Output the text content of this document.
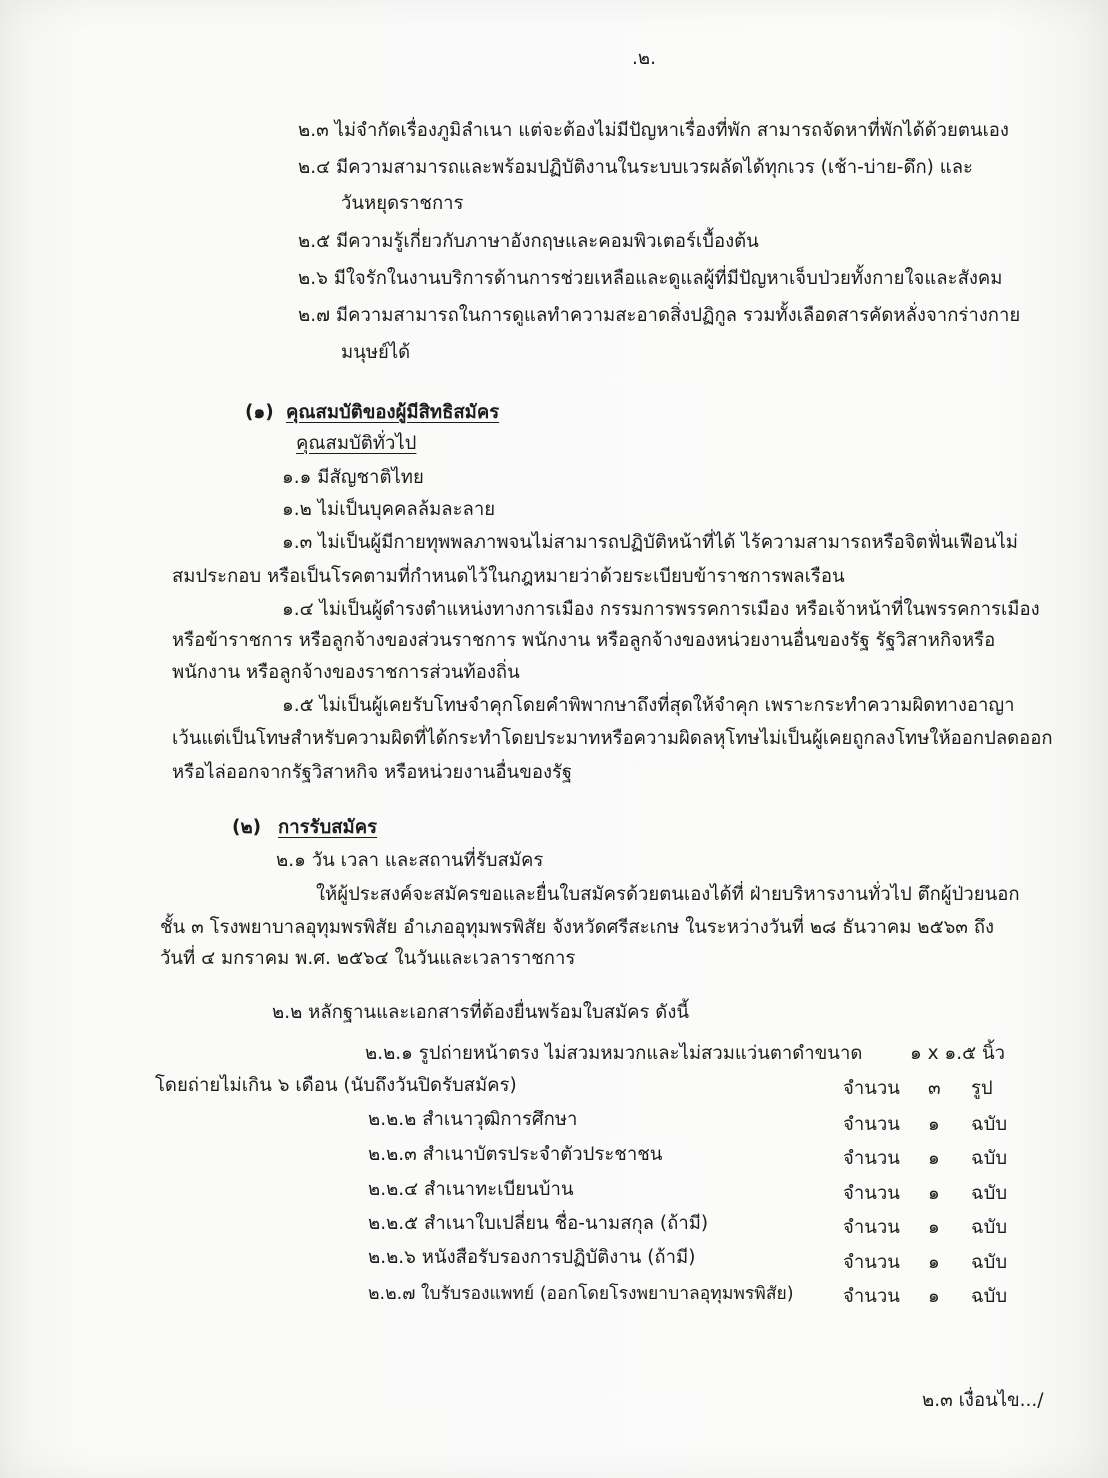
.๒.
๒.๓ ไม่จำกัดเรื่องภูมิลำเนา แต่จะต้องไม่มีปัญหาเรื่องที่พัก สามารถจัดหาที่พักได้ด้วยตนเอง
๒.๔ มีความสามารถและพร้อมปฏิบัติงานในระบบเวรผลัดได้ทุกเวร (เช้า-บ่าย-ดึก) และ
วันหยุดราชการ
๒.๕ มีความรู้เกี่ยวกับภาษาอังกฤษและคอมพิวเตอร์เบื้องต้น
๒.๖ มีใจรักในงานบริการด้านการช่วยเหลือและดูแลผู้ที่มีปัญหาเจ็บป่วยทั้งกายใจและสังคม
๒.๗ มีความสามารถในการดูแลทำความสะอาดสิ่งปฏิกูล รวมทั้งเลือดสารคัดหลั่งจากร่างกาย
มนุษย์ได้
(๑) คุณสมบัติของผู้มีสิทธิสมัคร
คุณสมบัติทั่วไป
๑.๑ มีสัญชาติไทย
๑.๒ ไม่เป็นบุคคลล้มละลาย
๑.๓ ไม่เป็นผู้มีกายทุพพลภาพจนไม่สามารถปฏิบัติหน้าที่ได้ ไร้ความสามารถหรือจิตฟั่นเฟือนไม่
สมประกอบ หรือเป็นโรคตามที่กำหนดไว้ในกฎหมายว่าด้วยระเบียบข้าราชการพลเรือน
๑.๔ ไม่เป็นผู้ดำรงตำแหน่งทางการเมือง กรรมการพรรคการเมือง หรือเจ้าหน้าที่ในพรรคการเมือง
หรือข้าราชการ หรือลูกจ้างของส่วนราชการ พนักงาน หรือลูกจ้างของหน่วยงานอื่นของรัฐ รัฐวิสาหกิจหรือ
พนักงาน หรือลูกจ้างของราชการส่วนท้องถิ่น
๑.๕ ไม่เป็นผู้เคยรับโทษจำคุกโดยคำพิพากษาถึงที่สุดให้จำคุก เพราะกระทำความผิดทางอาญา
เว้นแต่เป็นโทษสำหรับความผิดที่ได้กระทำโดยประมาทหรือความผิดลหุโทษไม่เป็นผู้เคยถูกลงโทษให้ออกปลดออก
หรือไล่ออกจากรัฐวิสาหกิจ หรือหน่วยงานอื่นของรัฐ
(๒) การรับสมัคร
๒.๑ วัน เวลา และสถานที่รับสมัคร
ให้ผู้ประสงค์จะสมัครขอและยื่นใบสมัครด้วยตนเองได้ที่ ฝ่ายบริหารงานทั่วไป ตึกผู้ป่วยนอก
ชั้น ๓ โรงพยาบาลอุทุมพรพิสัย อำเภออุทุมพรพิสัย จังหวัดศรีสะเกษ ในระหว่างวันที่ ๒๘ ธันวาคม ๒๕๖๓ ถึง
วันที่ ๔ มกราคม พ.ศ. ๒๕๖๔ ในวันและเวลาราชการ
๒.๒ หลักฐานและเอกสารที่ต้องยื่นพร้อมใบสมัคร ดังนี้
๒.๒.๑ รูปถ่ายหน้าตรง ไม่สวมหมวกและไม่สวมแว่นตาดำขนาด	๑ x ๑.๕ นิ้ว
โดยถ่ายไม่เกิน ๖ เดือน (นับถึงวันปิดรับสมัคร)	จำนวน ๓ รูป
๒.๒.๒ สำเนาวุฒิการศึกษา	จำนวน ๑ ฉบับ
๒.๒.๓ สำเนาบัตรประจำตัวประชาชน	จำนวน ๑ ฉบับ
๒.๒.๔ สำเนาทะเบียนบ้าน	จำนวน ๑ ฉบับ
๒.๒.๕ สำเนาใบเปลี่ยน ชื่อ-นามสกุล (ถ้ามี)	จำนวน ๑ ฉบับ
๒.๒.๖ หนังสือรับรองการปฏิบัติงาน (ถ้ามี)	จำนวน ๑ ฉบับ
๒.๒.๗ ใบรับรองแพทย์ (ออกโดยโรงพยาบาลอุทุมพรพิสัย)	จำนวน ๑ ฉบับ
๒.๓ เงื่อนไข.../
